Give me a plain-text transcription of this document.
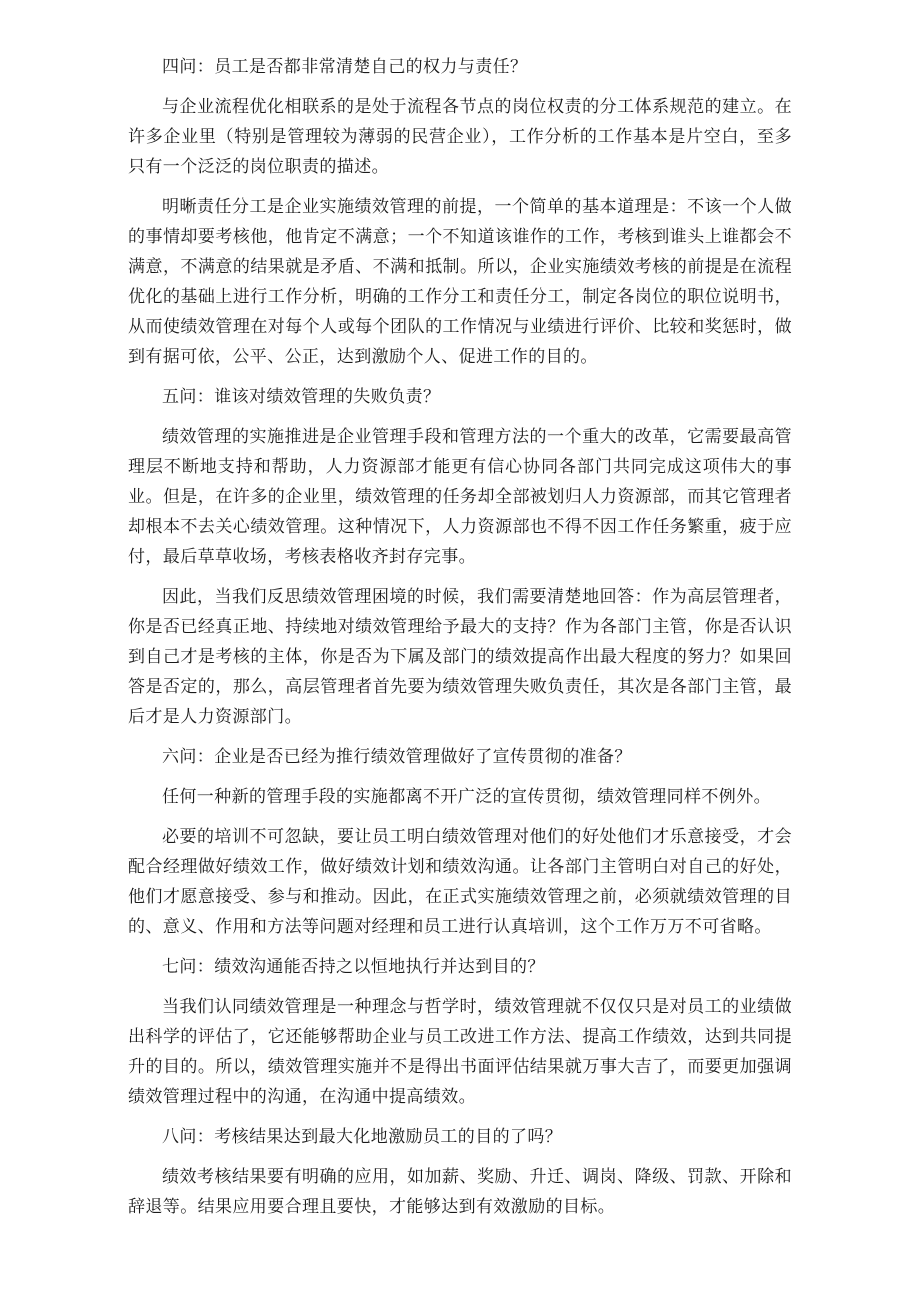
四问：员工是否都非常清楚自己的权力与责任？

与企业流程优化相联系的是处于流程各节点的岗位权责的分工体系规范的建立。在许多企业里（特别是管理较为薄弱的民营企业），工作分析的工作基本是片空白，至多只有一个泛泛的岗位职责的描述。

明晰责任分工是企业实施绩效管理的前提，一个简单的基本道理是：不该一个人做的事情却要考核他，他肯定不满意；一个不知道该谁作的工作，考核到谁头上谁都会不满意，不满意的结果就是矛盾、不满和抵制。所以，企业实施绩效考核的前提是在流程优化的基础上进行工作分析，明确的工作分工和责任分工，制定各岗位的职位说明书，从而使绩效管理在对每个人或每个团队的工作情况与业绩进行评价、比较和奖惩时，做到有据可依，公平、公正，达到激励个人、促进工作的目的。

五问：谁该对绩效管理的失败负责？

绩效管理的实施推进是企业管理手段和管理方法的一个重大的改革，它需要最高管理层不断地支持和帮助，人力资源部才能更有信心协同各部门共同完成这项伟大的事业。但是，在许多的企业里，绩效管理的任务却全部被划归人力资源部，而其它管理者却根本不去关心绩效管理。这种情况下，人力资源部也不得不因工作任务繁重，疲于应付，最后草草收场，考核表格收齐封存完事。

因此，当我们反思绩效管理困境的时候，我们需要清楚地回答：作为高层管理者，你是否已经真正地、持续地对绩效管理给予最大的支持？作为各部门主管，你是否认识到自己才是考核的主体，你是否为下属及部门的绩效提高作出最大程度的努力？如果回答是否定的，那么，高层管理者首先要为绩效管理失败负责任，其次是各部门主管，最后才是人力资源部门。

六问：企业是否已经为推行绩效管理做好了宣传贯彻的准备？

任何一种新的管理手段的实施都离不开广泛的宣传贯彻，绩效管理同样不例外。

必要的培训不可忽缺，要让员工明白绩效管理对他们的好处他们才乐意接受，才会配合经理做好绩效工作，做好绩效计划和绩效沟通。让各部门主管明白对自己的好处，他们才愿意接受、参与和推动。因此，在正式实施绩效管理之前，必须就绩效管理的目的、意义、作用和方法等问题对经理和员工进行认真培训，这个工作万万不可省略。

七问：绩效沟通能否持之以恒地执行并达到目的？

当我们认同绩效管理是一种理念与哲学时，绩效管理就不仅仅只是对员工的业绩做出科学的评估了，它还能够帮助企业与员工改进工作方法、提高工作绩效，达到共同提升的目的。所以，绩效管理实施并不是得出书面评估结果就万事大吉了，而要更加强调绩效管理过程中的沟通，在沟通中提高绩效。

八问：考核结果达到最大化地激励员工的目的了吗？

绩效考核结果要有明确的应用，如加薪、奖励、升迁、调岗、降级、罚款、开除和辞退等。结果应用要合理且要快，才能够达到有效激励的目标。
